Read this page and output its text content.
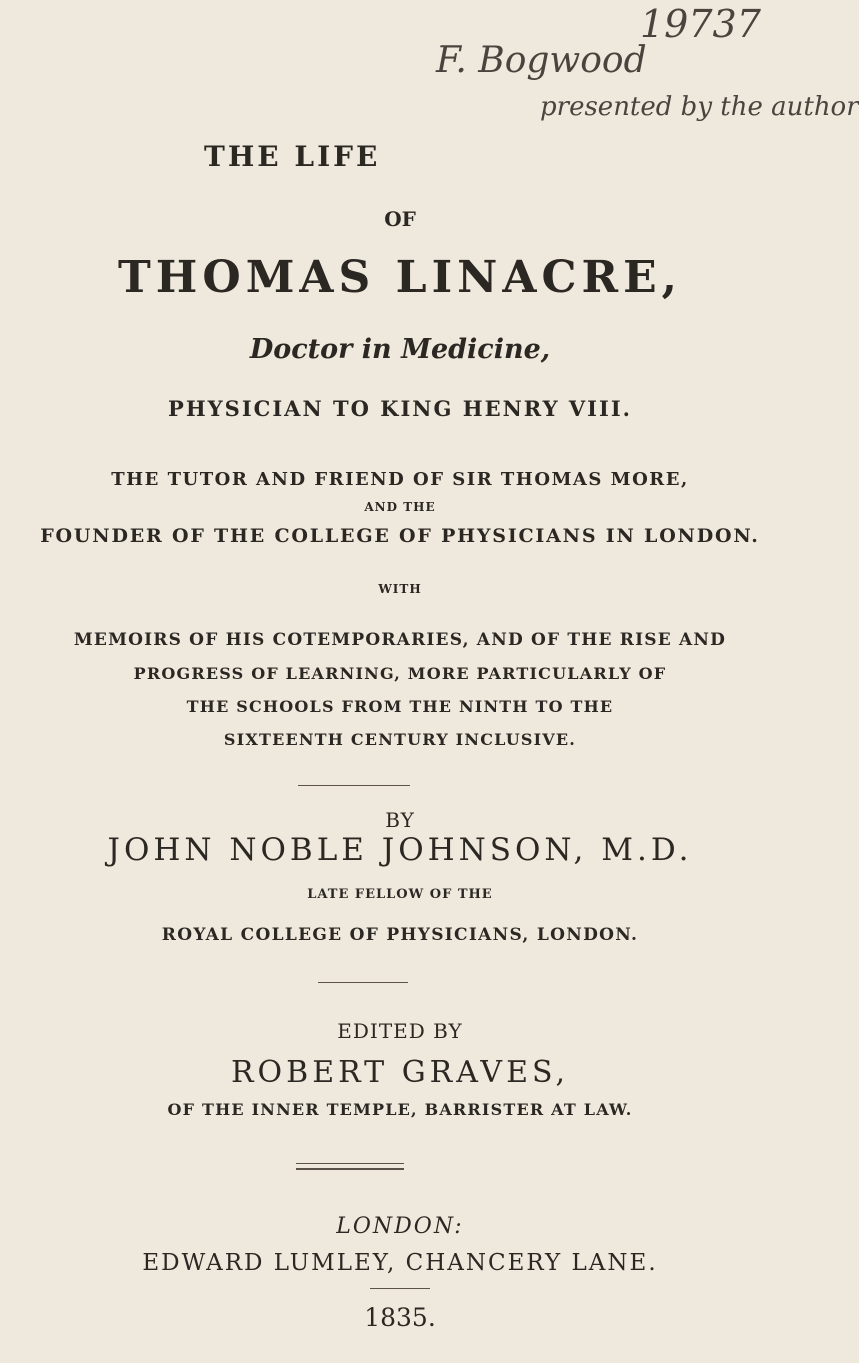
19737
F. Bogwood
presented by the author
THE LIFE
OF
THOMAS LINACRE,
Doctor in Medicine,
PHYSICIAN TO KING HENRY VIII.
THE TUTOR AND FRIEND OF SIR THOMAS MORE,
AND THE
FOUNDER OF THE COLLEGE OF PHYSICIANS IN LONDON.
WITH
MEMOIRS OF HIS COTEMPORARIES, AND OF THE RISE AND
PROGRESS OF LEARNING, MORE PARTICULARLY OF
THE SCHOOLS FROM THE NINTH TO THE
SIXTEENTH CENTURY INCLUSIVE.
BY
JOHN NOBLE JOHNSON, M.D.
LATE FELLOW OF THE
ROYAL COLLEGE OF PHYSICIANS, LONDON.
EDITED BY
ROBERT GRAVES,
OF THE INNER TEMPLE, BARRISTER AT LAW.
LONDON:
EDWARD LUMLEY, CHANCERY LANE.
1835.
